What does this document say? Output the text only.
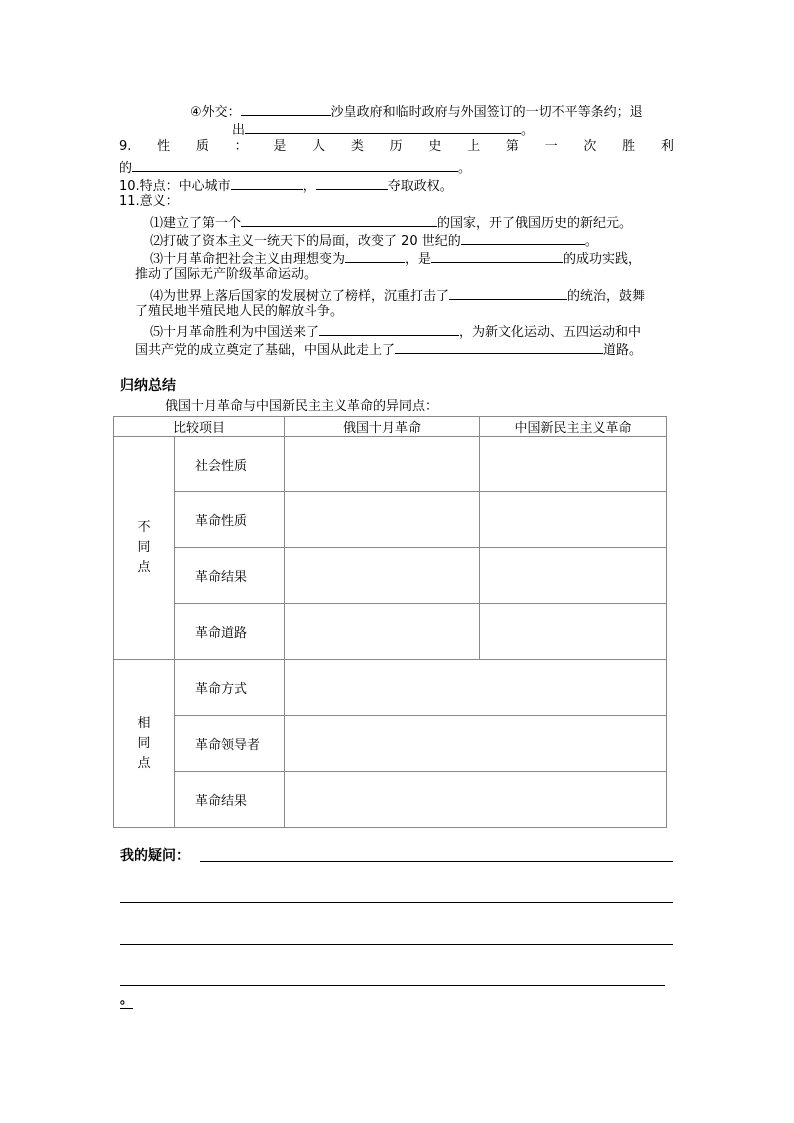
④外交：	沙皇政府和临时政府与外国签订的一切不平等条约；退
出	。
9. 性 质 ： 是 人 类 历 史 上 第 一 次 胜 利
的	。
10.特点：中心城市	，	夺取政权。
11.意义：
⑴建立了第一个	的国家，开了俄国历史的新纪元。
⑵打破了资本主义一统天下的局面，改变了 20 世纪的	。
⑶十月革命把社会主义由理想变为	，是	的成功实践，
推动了国际无产阶级革命运动。
⑷为世界上落后国家的发展树立了榜样，沉重打击了	的统治，鼓舞
了殖民地半殖民地人民的解放斗争。
⑸十月革命胜利为中国送来了	，为新文化运动、五四运动和中
国共产党的成立奠定了基础，中国从此走上了	道路。
归纳总结
俄国十月革命与中国新民主主义革命的异同点：
比较项目		俄国十月革命	中国新民主主义革命

不
同
点	社会性质		
	革命性质		
	革命结果		
	革命道路		

相
同
点	革命方式		
	革命领导者		
	革命结果		
我的疑问：
。
